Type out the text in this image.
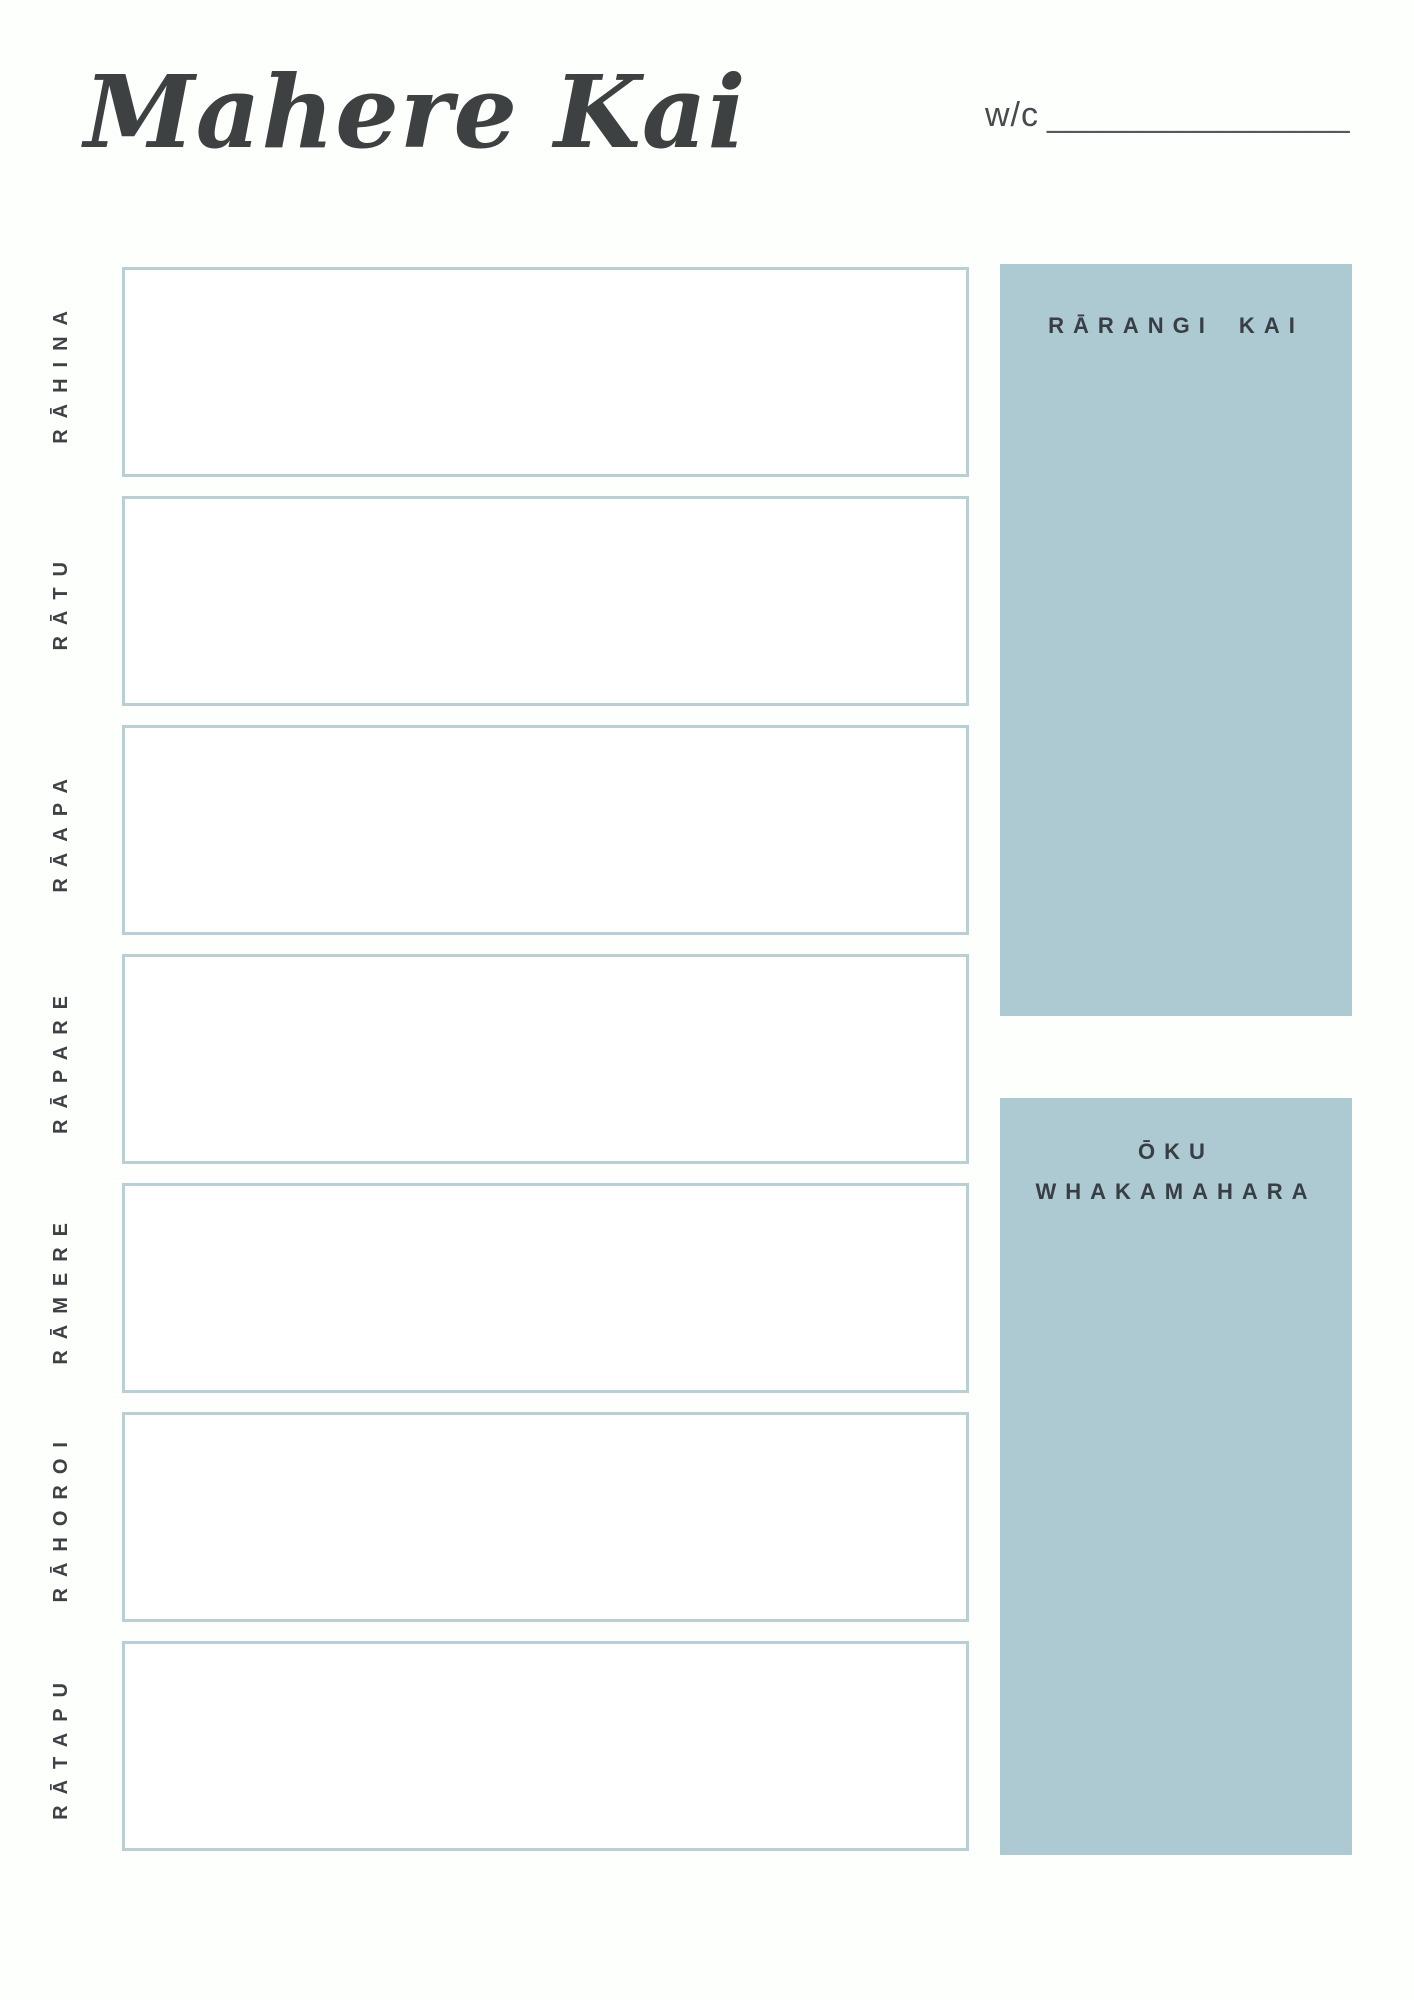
Mahere Kai	w/c ________________
RĀHINA
RĀTU
RĀAPA
RĀPARE
RĀMERE
RĀHOROI
RĀTAPU
RĀRANGI KAI
ŌKU
WHAKAMAHARA
